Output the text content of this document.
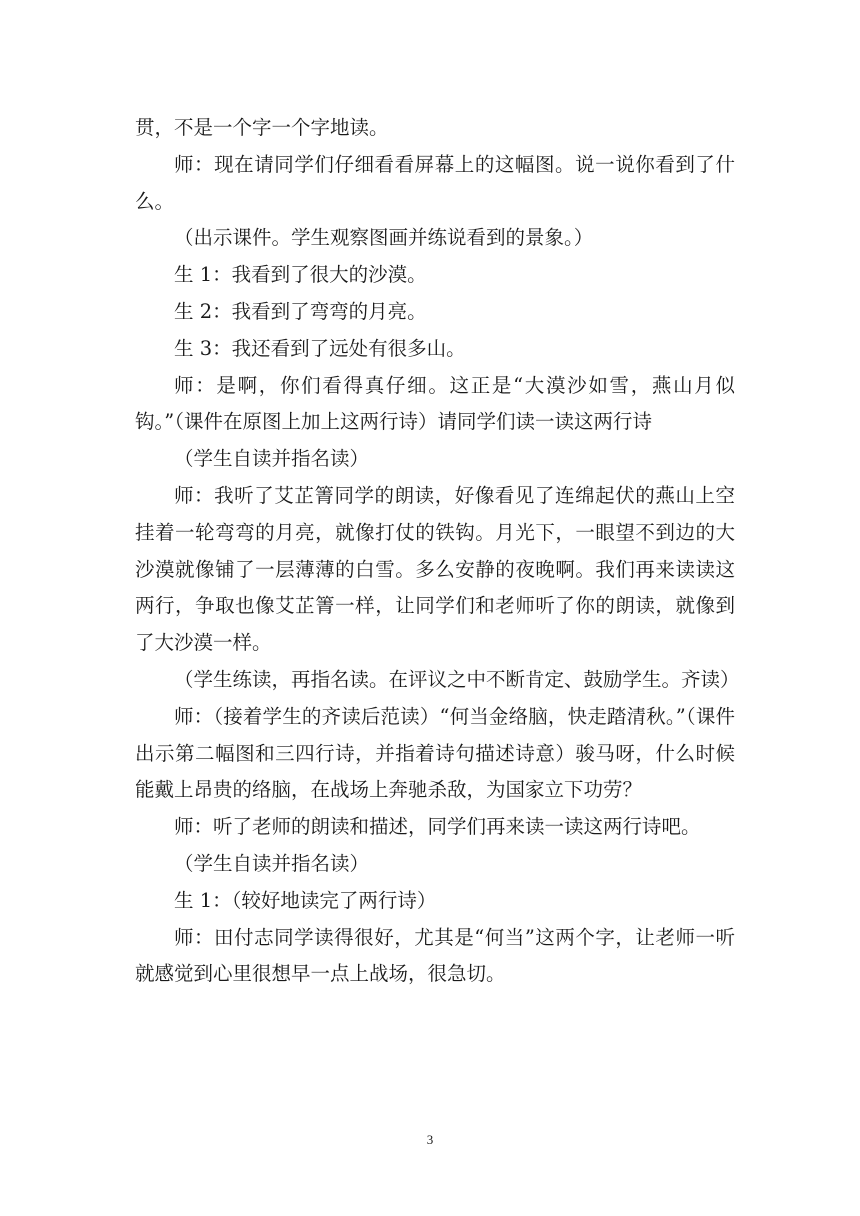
贯，不是一个字一个字地读。

师：现在请同学们仔细看看屏幕上的这幅图。说一说你看到了什么。

（出示课件。学生观察图画并练说看到的景象。）

生 1：我看到了很大的沙漠。

生 2：我看到了弯弯的月亮。

生 3：我还看到了远处有很多山。

师：是啊，你们看得真仔细。这正是“大漠沙如雪，燕山月似钩。”（课件在原图上加上这两行诗）请同学们读一读这两行诗

（学生自读并指名读）

师：我听了艾芷箐同学的朗读，好像看见了连绵起伏的燕山上空挂着一轮弯弯的月亮，就像打仗的铁钩。月光下，一眼望不到边的大沙漠就像铺了一层薄薄的白雪。多么安静的夜晚啊。我们再来读读这两行，争取也像艾芷箐一样，让同学们和老师听了你的朗读，就像到了大沙漠一样。

（学生练读，再指名读。在评议之中不断肯定、鼓励学生。齐读）

师：（接着学生的齐读后范读）“何当金络脑，快走踏清秋。”（课件出示第二幅图和三四行诗，并指着诗句描述诗意）骏马呀，什么时候能戴上昂贵的络脑，在战场上奔驰杀敌，为国家立下功劳？

师：听了老师的朗读和描述，同学们再来读一读这两行诗吧。

（学生自读并指名读）

生 1：（较好地读完了两行诗）

师：田付志同学读得很好，尤其是“何当”这两个字，让老师一听就感觉到心里很想早一点上战场，很急切。

3
